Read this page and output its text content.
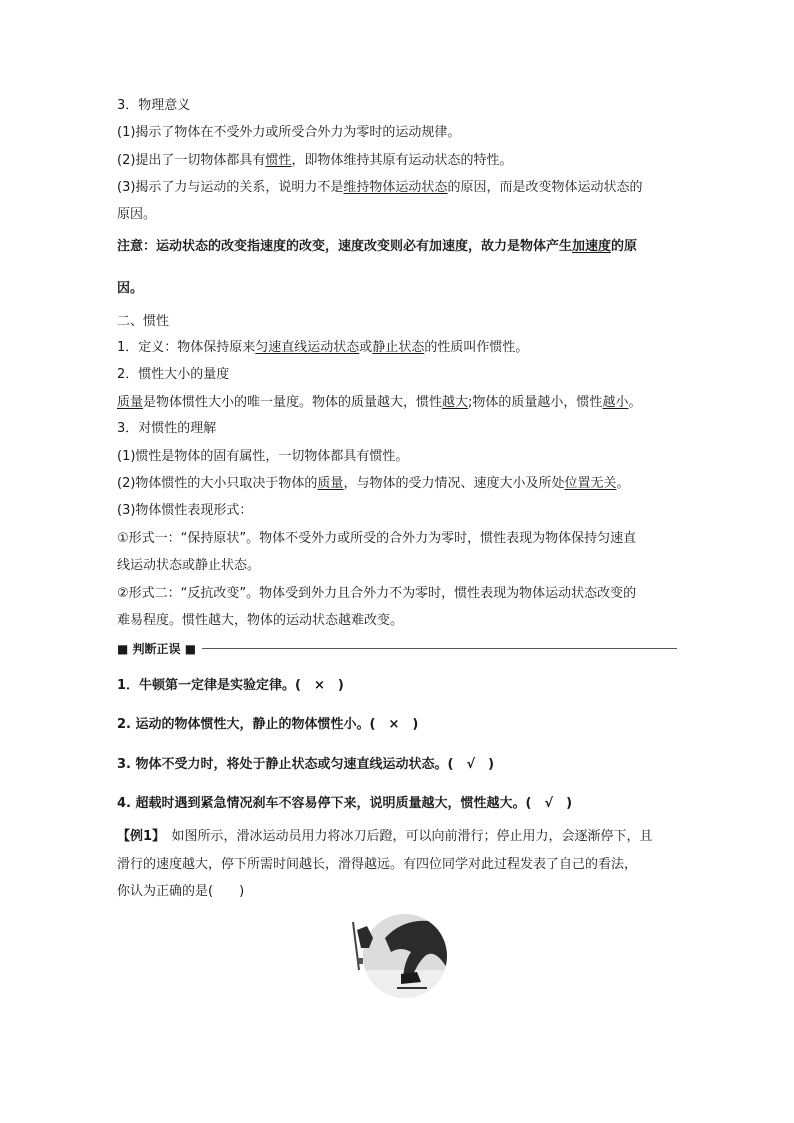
3．物理意义
(1)揭示了物体在不受外力或所受合外力为零时的运动规律。
(2)提出了一切物体都具有惯性，即物体维持其原有运动状态的特性。
(3)揭示了力与运动的关系，说明力不是维持物体运动状态的原因，而是改变物体运动状态的
原因。
注意：运动状态的改变指速度的改变，速度改变则必有加速度，故力是物体产生加速度的原
因。
二、惯性
1．定义：物体保持原来匀速直线运动状态或静止状态的性质叫作惯性。
2．惯性大小的量度
质量是物体惯性大小的唯一量度。物体的质量越大，惯性越大;物体的质量越小，惯性越小。
3．对惯性的理解
(1)惯性是物体的固有属性，一切物体都具有惯性。
(2)物体惯性的大小只取决于物体的质量，与物体的受力情况、速度大小及所处位置无关。
(3)物体惯性表现形式：
①形式一：“保持原状”。物体不受外力或所受的合外力为零时，惯性表现为物体保持匀速直
线运动状态或静止状态。
②形式二：“反抗改变”。物体受到外力且合外力不为零时，惯性表现为物体运动状态改变的
难易程度。惯性越大，物体的运动状态越难改变。
■ 判断正误 ■
1．牛顿第一定律是实验定律。(　×　)
2. 运动的物体惯性大，静止的物体惯性小。(　×　)
3. 物体不受力时，将处于静止状态或匀速直线运动状态。(　√　)
4. 超载时遇到紧急情况刹车不容易停下来，说明质量越大，惯性越大。(　√　)
【例1】　如图所示，滑冰运动员用力将冰刀后蹬，可以向前滑行；停止用力，会逐渐停下，且
滑行的速度越大，停下所需时间越长，滑得越远。有四位同学对此过程发表了自己的看法，
你认为正确的是(　　)
